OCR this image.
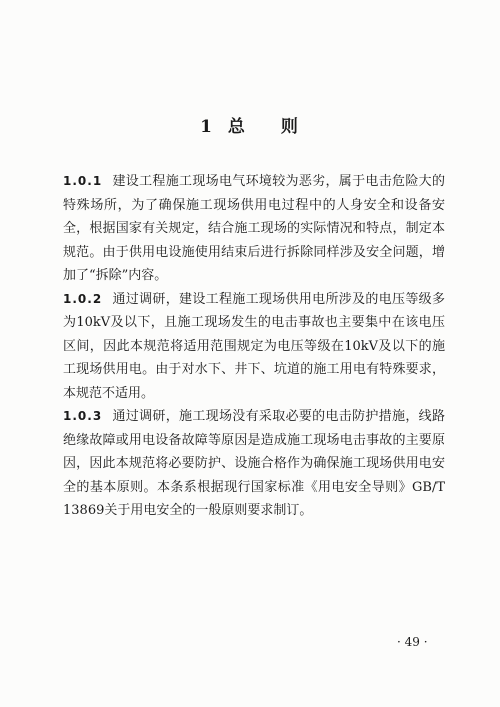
1 总 则

1.0.1 建设工程施工现场电气环境较为恶劣，属于电击危险大的特殊场所，为了确保施工现场供用电过程中的人身安全和设备安全，根据国家有关规定，结合施工现场的实际情况和特点，制定本规范。由于供用电设施使用结束后进行拆除同样涉及安全问题，增加了“拆除”内容。

1.0.2 通过调研，建设工程施工现场供用电所涉及的电压等级多为10kV及以下，且施工现场发生的电击事故也主要集中在该电压区间，因此本规范将适用范围规定为电压等级在10kV及以下的施工现场供用电。由于对水下、井下、坑道的施工用电有特殊要求，本规范不适用。

1.0.3 通过调研，施工现场没有采取必要的电击防护措施，线路绝缘故障或用电设备故障等原因是造成施工现场电击事故的主要原因，因此本规范将必要防护、设施合格作为确保施工现场供用电安全的基本原则。本条系根据现行国家标准《用电安全导则》GB/T 13869关于用电安全的一般原则要求制订。

· 49 ·
